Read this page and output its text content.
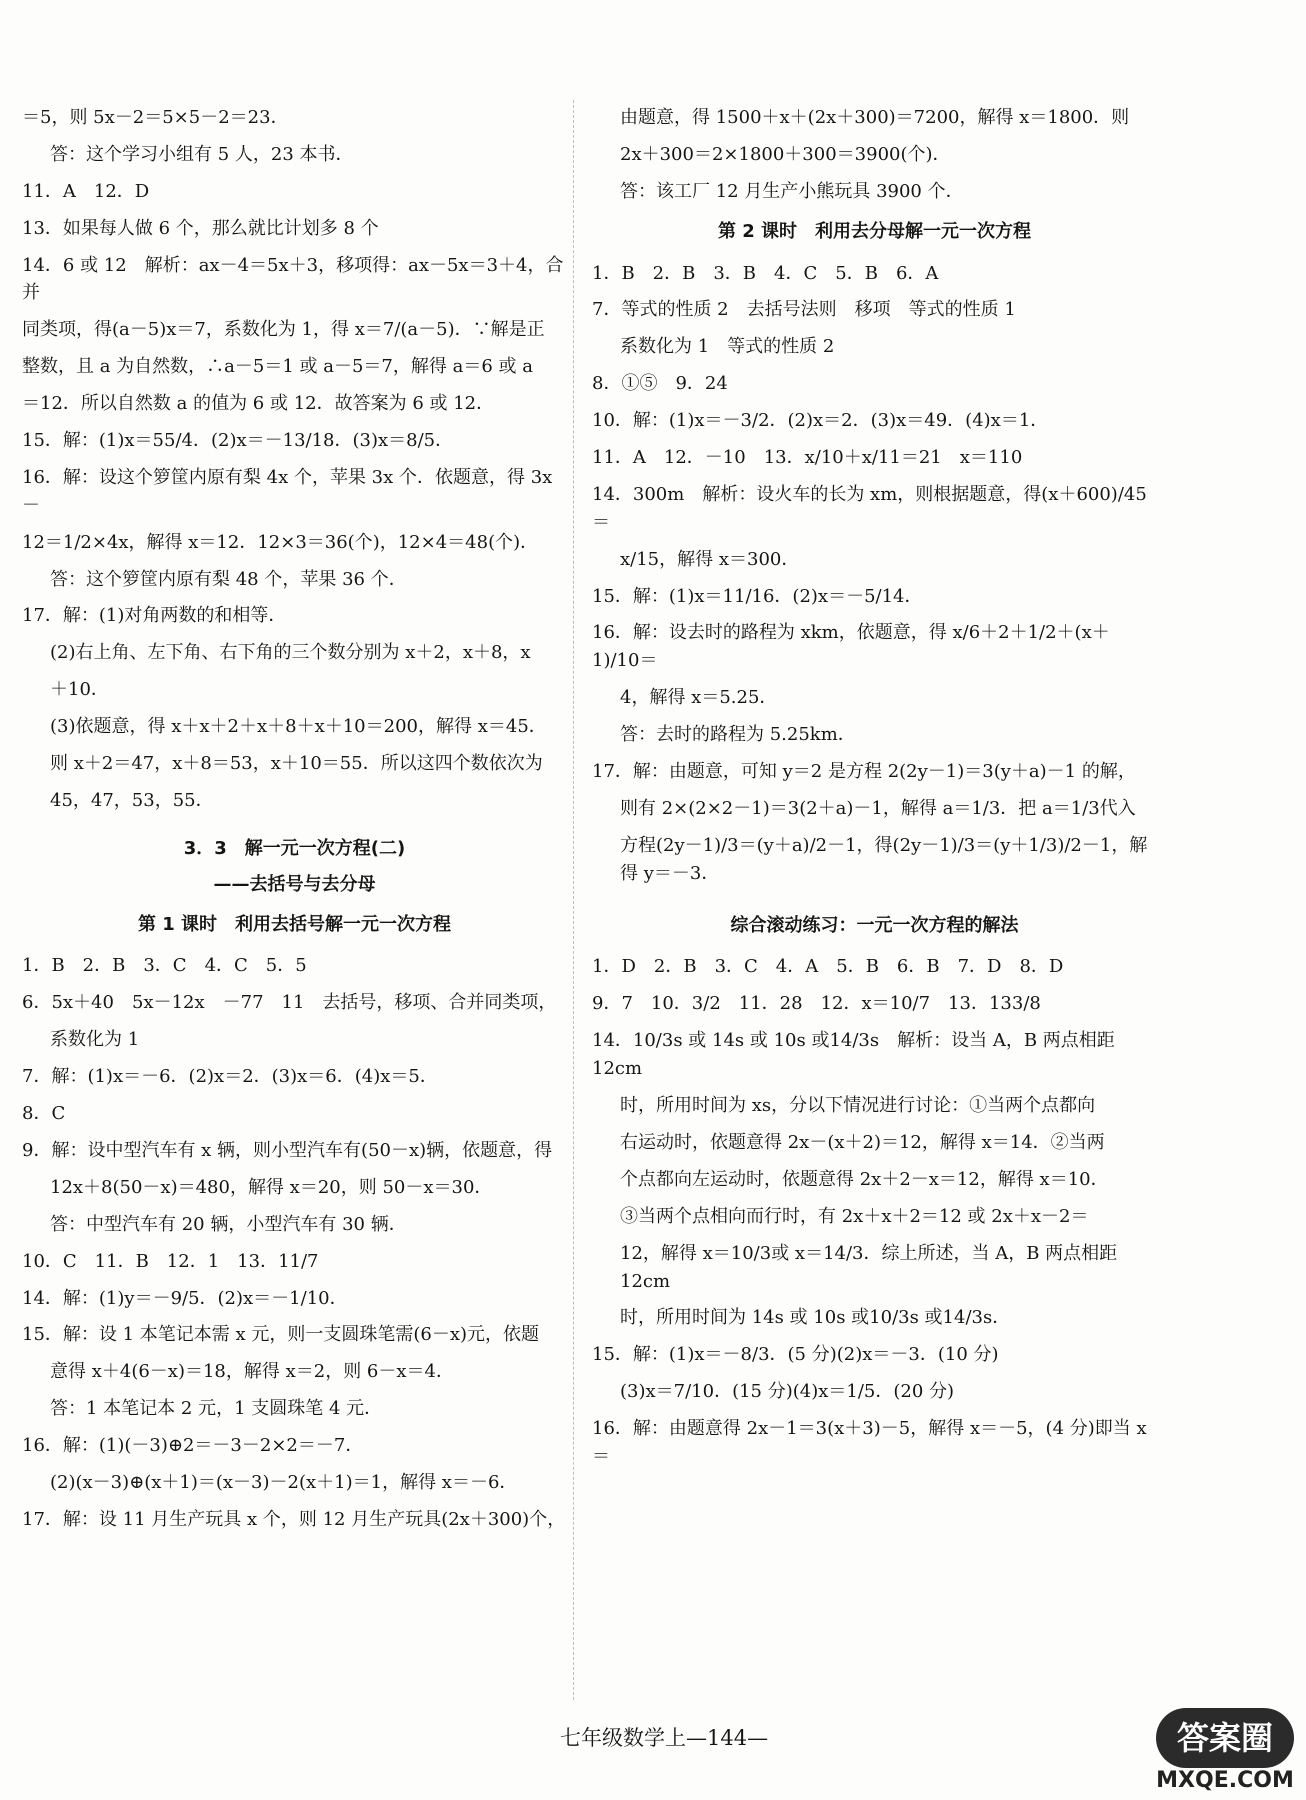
＝5，则 5x－2＝5×5－2＝23．
答：这个学习小组有 5 人，23 本书．
11．A　12．D
13．如果每人做 6 个，那么就比计划多 8 个
14．6 或 12　解析：ax－4＝5x＋3，移项得：ax－5x＝3＋4，合并
同类项，得(a－5)x＝7，系数化为 1，得 x＝7/(a－5)．∵解是正
整数，且 a 为自然数，∴a－5＝1 或 a－5＝7，解得 a＝6 或 a
＝12．所以自然数 a 的值为 6 或 12．故答案为 6 或 12．
15．解：(1)x＝55/4．(2)x＝－13/18．(3)x＝8/5．
16．解：设这个箩筐内原有梨 4x 个，苹果 3x 个．依题意，得 3x－
12＝1/2×4x，解得 x＝12．12×3＝36(个)，12×4＝48(个)．
答：这个箩筐内原有梨 48 个，苹果 36 个．
17．解：(1)对角两数的和相等．
(2)右上角、左下角、右下角的三个数分别为 x＋2，x＋8，x
＋10．
(3)依题意，得 x＋x＋2＋x＋8＋x＋10＝200，解得 x＝45．
则 x＋2＝47，x＋8＝53，x＋10＝55．所以这四个数依次为
45，47，53，55．
3．3　解一元一次方程(二)
——去括号与去分母
第 1 课时　利用去括号解一元一次方程
1．B　2．B　3．C　4．C　5．5
6．5x＋40　5x－12x　－77　11　去括号，移项、合并同类项，
系数化为 1
7．解：(1)x＝－6．(2)x＝2．(3)x＝6．(4)x＝5．
8．C
9．解：设中型汽车有 x 辆，则小型汽车有(50－x)辆，依题意，得
12x＋8(50－x)＝480，解得 x＝20，则 50－x＝30．
答：中型汽车有 20 辆，小型汽车有 30 辆．
10．C　11．B　12．1　13．11/7
14．解：(1)y＝－9/5．(2)x＝－1/10．
15．解：设 1 本笔记本需 x 元，则一支圆珠笔需(6－x)元，依题
意得 x＋4(6－x)＝18，解得 x＝2，则 6－x＝4．
答：1 本笔记本 2 元，1 支圆珠笔 4 元．
16．解：(1)(－3)⊕2＝－3－2×2＝－7．
(2)(x－3)⊕(x＋1)＝(x－3)－2(x＋1)＝1，解得 x＝－6．
17．解：设 11 月生产玩具 x 个，则 12 月生产玩具(2x＋300)个，
由题意，得 1500＋x＋(2x＋300)＝7200，解得 x＝1800．则
2x＋300＝2×1800＋300＝3900(个)．
答：该工厂 12 月生产小熊玩具 3900 个．
第 2 课时　利用去分母解一元一次方程
1．B　2．B　3．B　4．C　5．B　6．A
7．等式的性质 2　去括号法则　移项　等式的性质 1
系数化为 1　等式的性质 2
8．①⑤　9．24
10．解：(1)x＝－3/2．(2)x＝2．(3)x＝49．(4)x＝1．
11．A　12．－10　13．x/10＋x/11＝21　x＝110
14．300m　解析：设火车的长为 xm，则根据题意，得(x＋600)/45＝
x/15，解得 x＝300．
15．解：(1)x＝11/16．(2)x＝－5/14．
16．解：设去时的路程为 xkm，依题意，得 x/6＋2＋1/2＋(x＋1)/10＝
4，解得 x＝5.25．
答：去时的路程为 5.25km．
17．解：由题意，可知 y＝2 是方程 2(2y－1)＝3(y＋a)－1 的解，
则有 2×(2×2－1)＝3(2＋a)－1，解得 a＝1/3．把 a＝1/3代入
方程(2y－1)/3＝(y＋a)/2－1，得(2y－1)/3＝(y＋1/3)/2－1，解得 y＝－3．
综合滚动练习：一元一次方程的解法
1．D　2．B　3．C　4．A　5．B　6．B　7．D　8．D
9．7　10．3/2　11．28　12．x＝10/7　13．133/8
14．10/3s 或 14s 或 10s 或14/3s　解析：设当 A，B 两点相距 12cm
时，所用时间为 xs，分以下情况进行讨论：①当两个点都向
右运动时，依题意得 2x－(x＋2)＝12，解得 x＝14．②当两
个点都向左运动时，依题意得 2x＋2－x＝12，解得 x＝10．
③当两个点相向而行时，有 2x＋x＋2＝12 或 2x＋x－2＝
12，解得 x＝10/3或 x＝14/3．综上所述，当 A，B 两点相距 12cm
时，所用时间为 14s 或 10s 或10/3s 或14/3s．
15．解：(1)x＝－8/3．(5 分)(2)x＝－3．(10 分)
(3)x＝7/10．(15 分)(4)x＝1/5．(20 分)
16．解：由题意得 2x－1＝3(x＋3)－5，解得 x＝－5，(4 分)即当 x＝
七年级数学上—144—	答案圈
MXQE.COM
